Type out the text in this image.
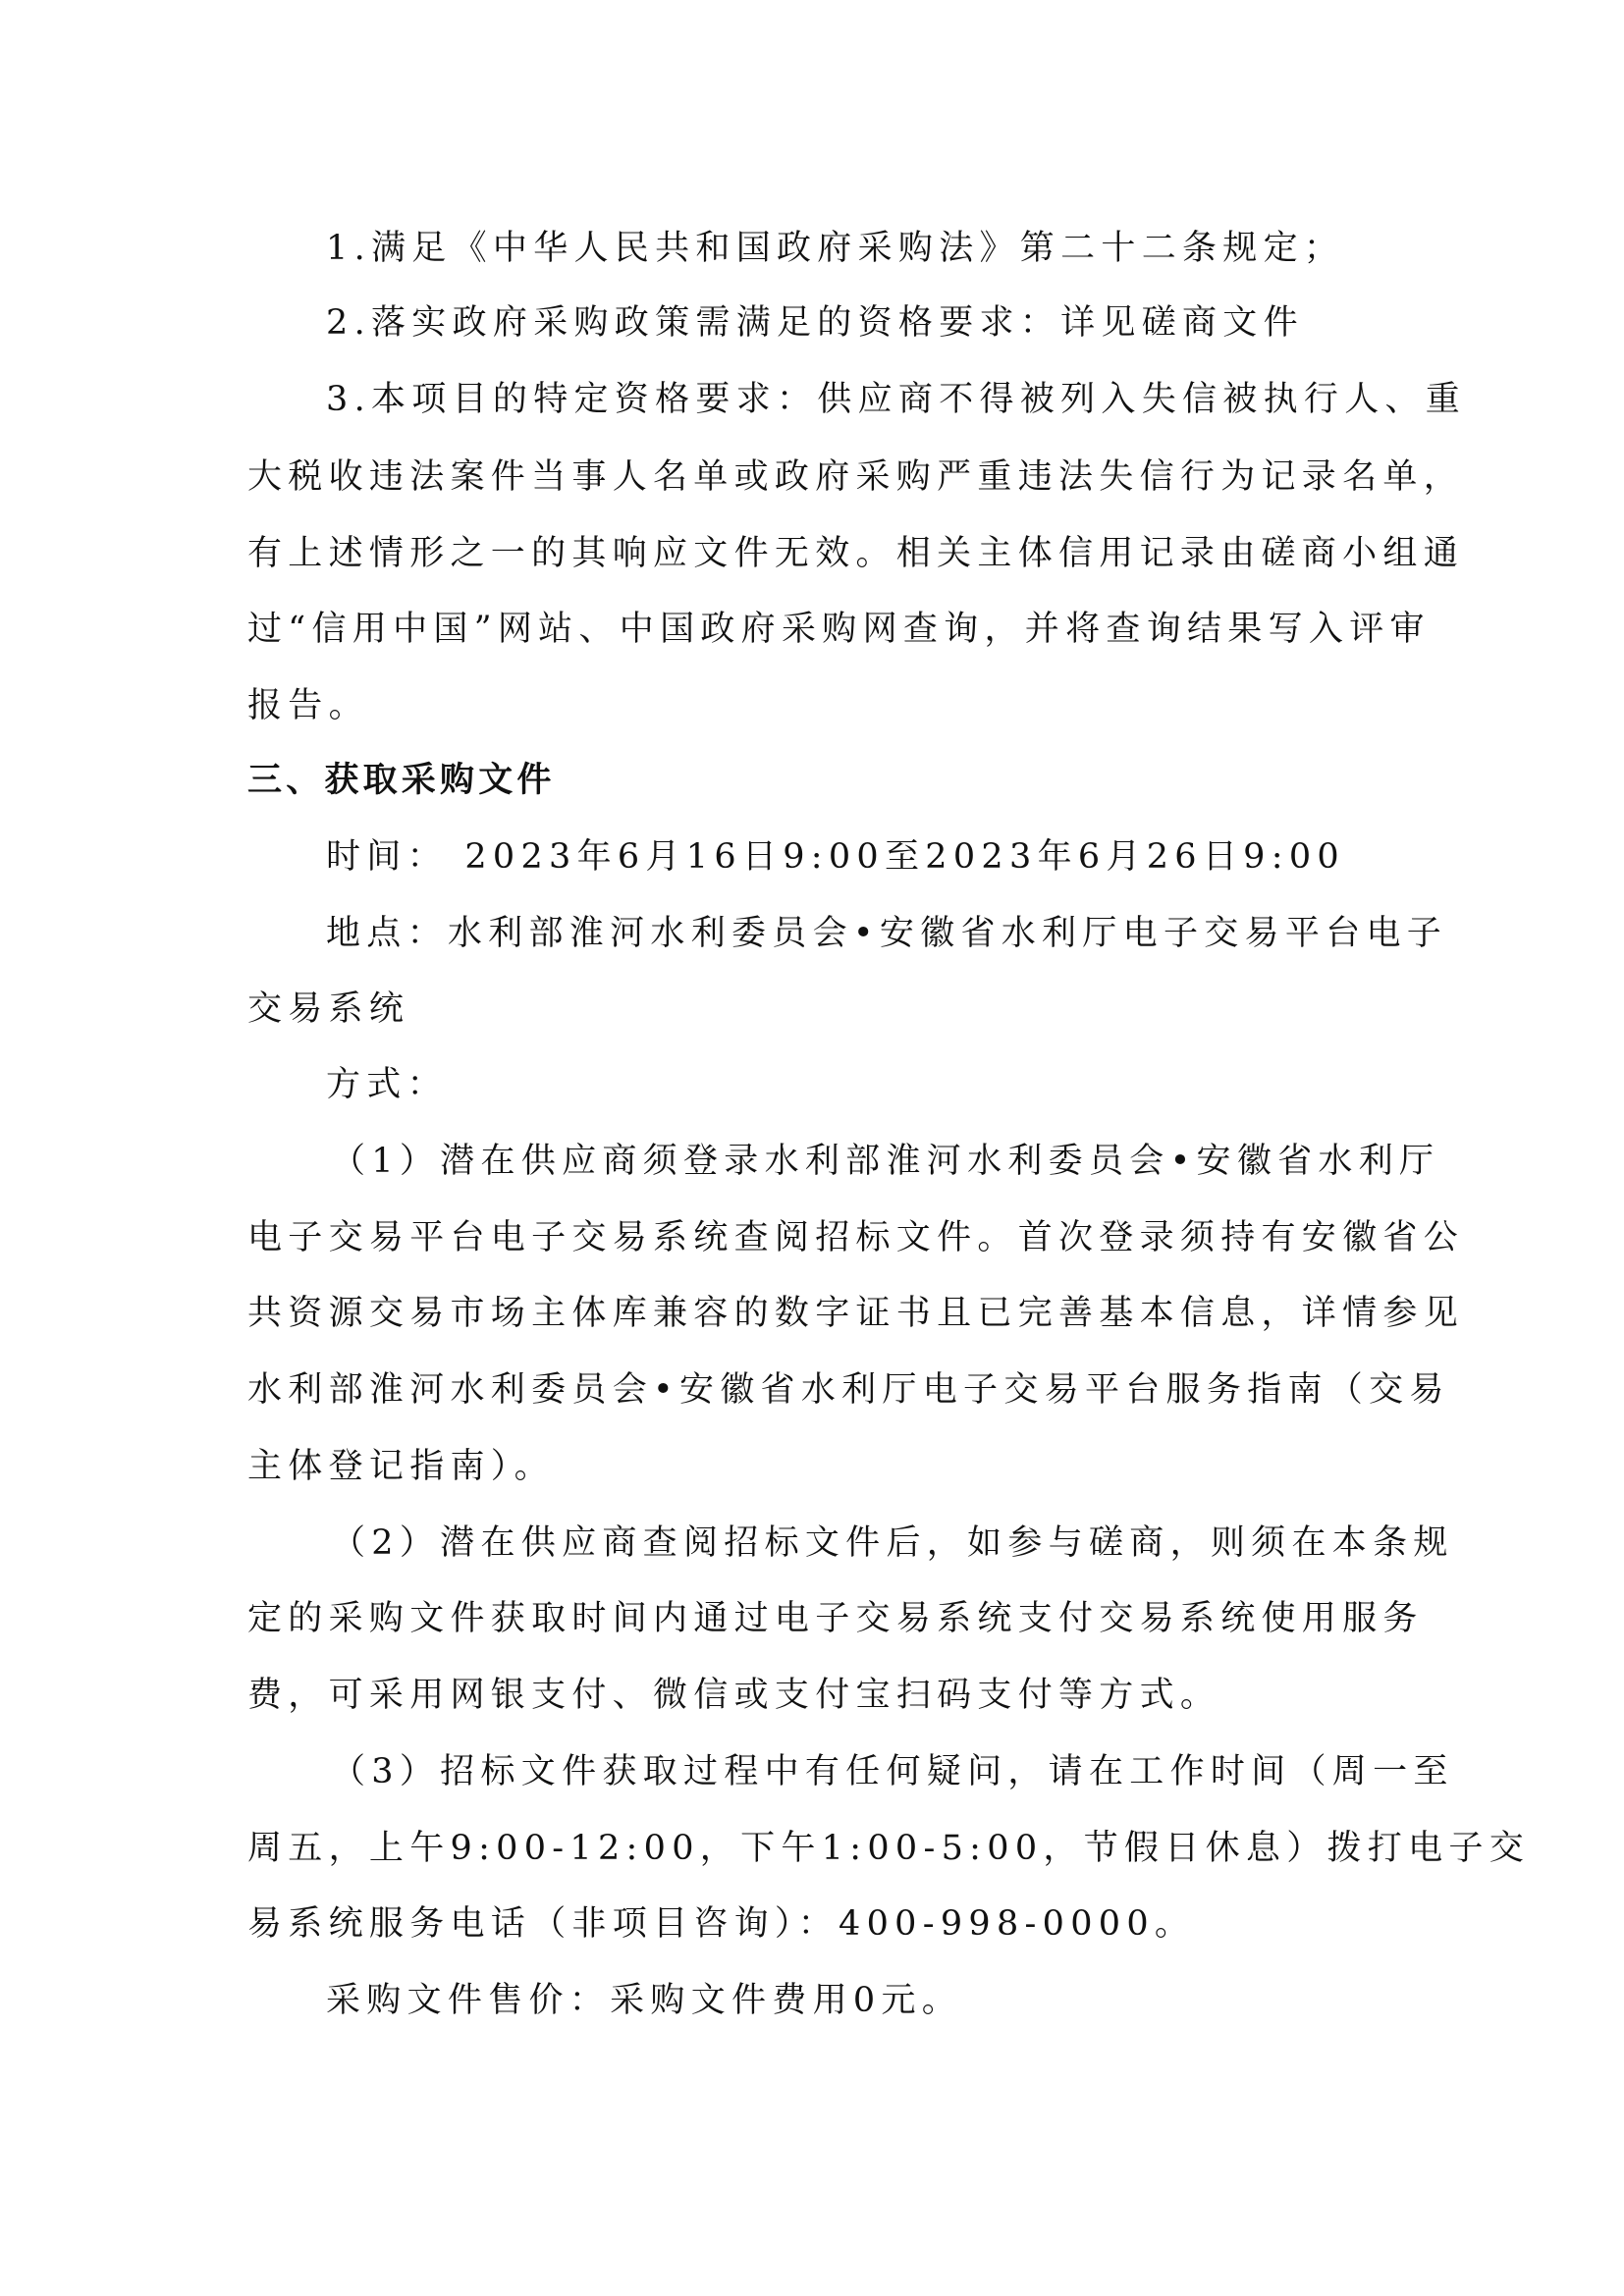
1.满足《中华人民共和国政府采购法》第二十二条规定；
2.落实政府采购政策需满足的资格要求：详见磋商文件
3.本项目的特定资格要求：供应商不得被列入失信被执行人、重
大税收违法案件当事人名单或政府采购严重违法失信行为记录名单，
有上述情形之一的其响应文件无效。相关主体信用记录由磋商小组通
过“信用中国”网站、中国政府采购网查询，并将查询结果写入评审
报告。
三、获取采购文件
时间： 2023年6月16日9:00至2023年6月26日9:00
地点：水利部淮河水利委员会•安徽省水利厅电子交易平台电子
交易系统
方式：
（1）潜在供应商须登录水利部淮河水利委员会•安徽省水利厅
电子交易平台电子交易系统查阅招标文件。首次登录须持有安徽省公
共资源交易市场主体库兼容的数字证书且已完善基本信息，详情参见
水利部淮河水利委员会•安徽省水利厅电子交易平台服务指南（交易
主体登记指南）。
（2）潜在供应商查阅招标文件后，如参与磋商，则须在本条规
定的采购文件获取时间内通过电子交易系统支付交易系统使用服务
费，可采用网银支付、微信或支付宝扫码支付等方式。
（3）招标文件获取过程中有任何疑问，请在工作时间（周一至
周五，上午9:00-12:00，下午1:00-5:00，节假日休息）拨打电子交
易系统服务电话（非项目咨询）：400-998-0000。
采购文件售价：采购文件费用0元。
